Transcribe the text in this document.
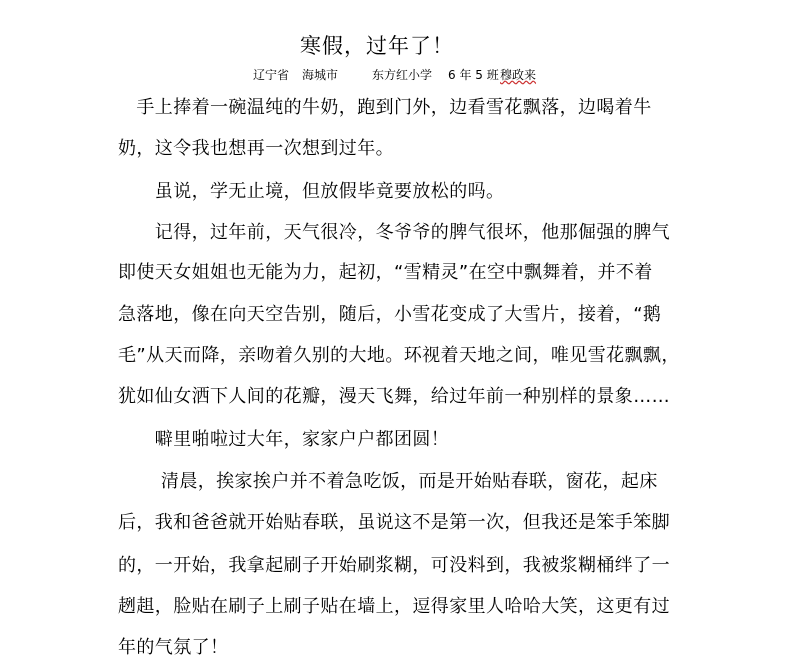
寒假，过年了！
辽宁省 海城市	东方红小学 6 年 5 班 穆政来
　手上捧着一碗温纯的牛奶，跑到门外，边看雪花飘落，边喝着牛
奶，这令我也想再一次想到过年。
　　虽说，学无止境，但放假毕竟要放松的吗。
　　记得，过年前，天气很冷，冬爷爷的脾气很坏，他那倔强的脾气
即使天女姐姐也无能为力，起初，“雪精灵”在空中飘舞着，并不着
急落地，像在向天空告别，随后，小雪花变成了大雪片，接着，“鹅
毛”从天而降，亲吻着久别的大地。环视着天地之间，唯见雪花飘飘，
犹如仙女洒下人间的花瓣，漫天飞舞，给过年前一种别样的景象……
　　噼里啪啦过大年，家家户户都团圆！
　　 清晨，挨家挨户并不着急吃饭，而是开始贴春联，窗花，起床
后，我和爸爸就开始贴春联，虽说这不是第一次，但我还是笨手笨脚
的，一开始，我拿起刷子开始刷浆糊，可没料到，我被浆糊桶绊了一
趔趄，脸贴在刷子上刷子贴在墙上，逗得家里人哈哈大笑，这更有过
年的气氛了！
